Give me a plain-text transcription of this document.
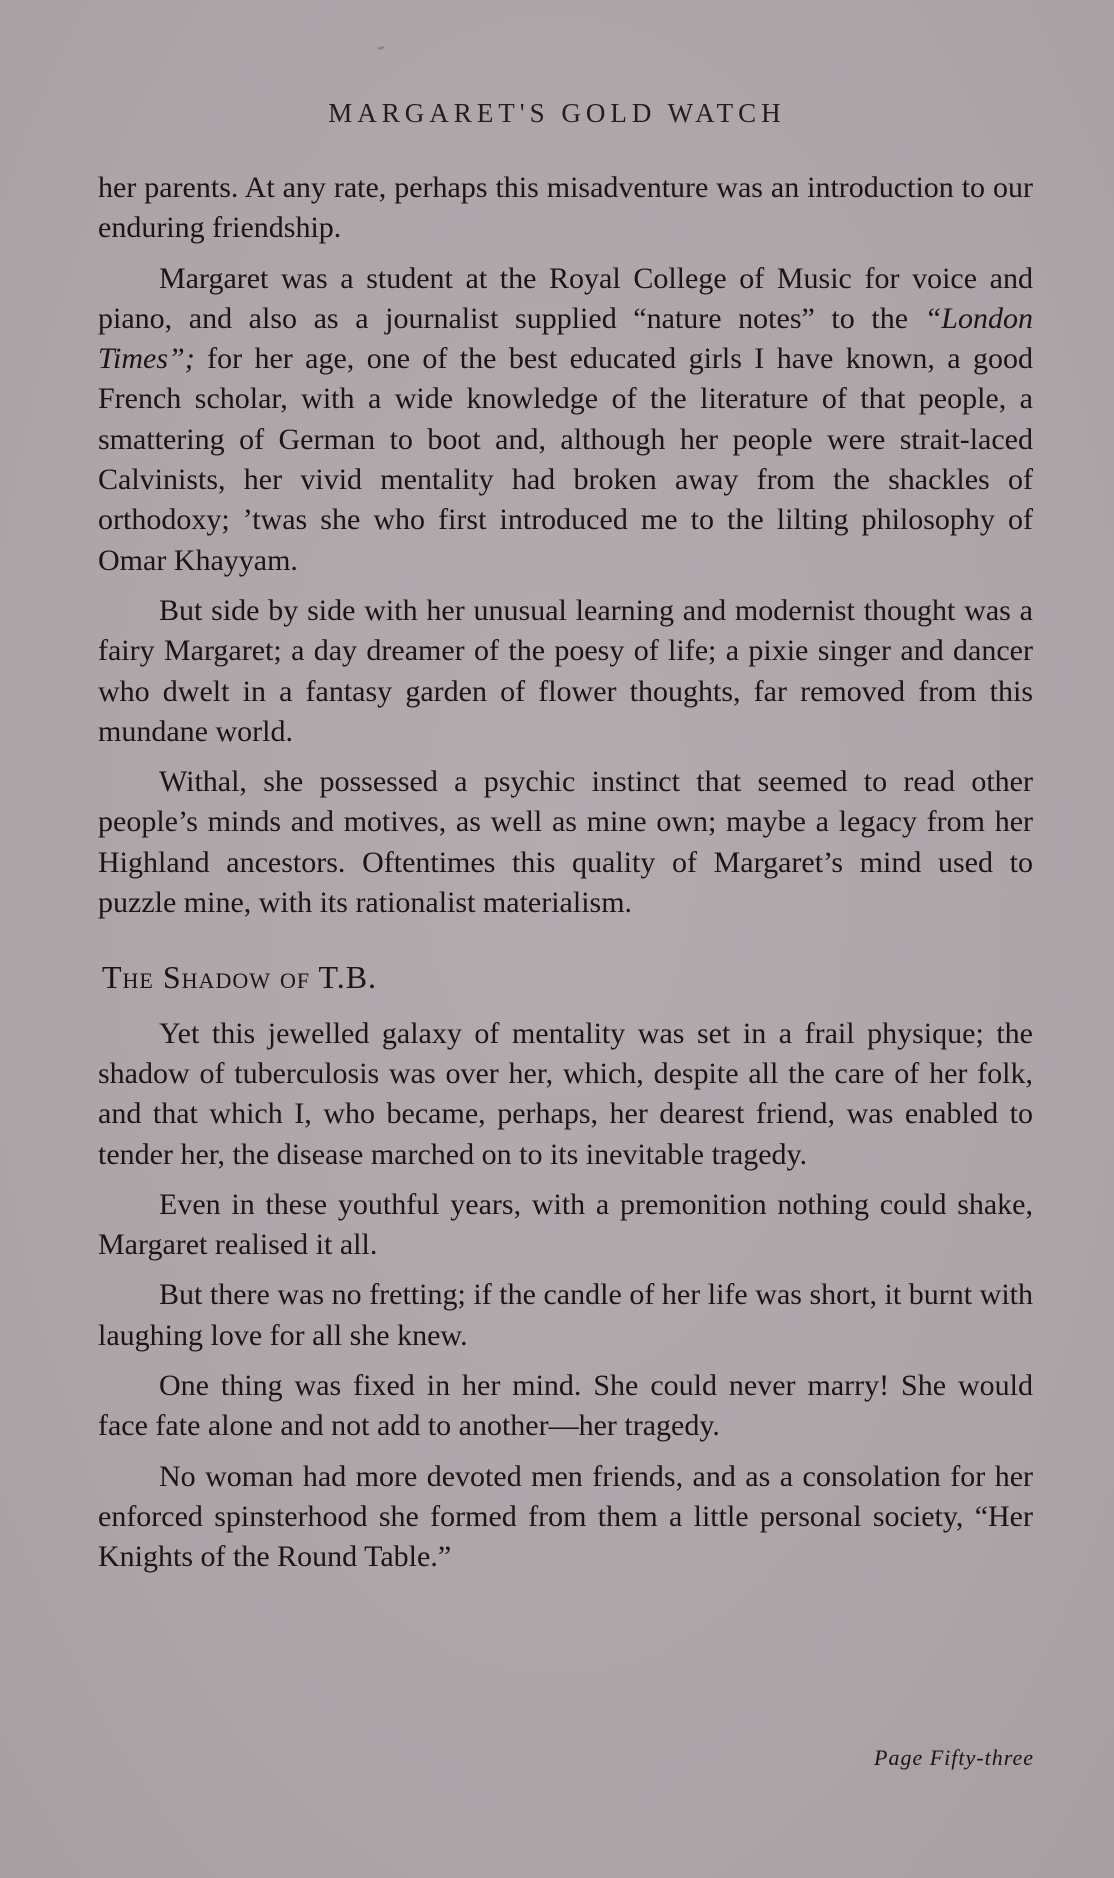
MARGARET'S GOLD WATCH

her parents. At any rate, perhaps this misadventure was an introduction to our enduring friendship.

Margaret was a student at the Royal College of Music for voice and piano, and also as a journalist supplied “nature notes” to the “London Times”; for her age, one of the best educated girls I have known, a good French scholar, with a wide knowledge of the literature of that people, a smattering of German to boot and, although her people were strait-laced Calvinists, her vivid mentality had broken away from the shackles of orthodoxy; ’twas she who first introduced me to the lilting philosophy of Omar Khayyam.

But side by side with her unusual learning and modernist thought was a fairy Margaret; a day dreamer of the poesy of life; a pixie singer and dancer who dwelt in a fantasy garden of flower thoughts, far removed from this mundane world.

Withal, she possessed a psychic instinct that seemed to read other people’s minds and motives, as well as mine own; maybe a legacy from her Highland ancestors. Oftentimes this quality of Margaret’s mind used to puzzle mine, with its rationalist materialism.

The Shadow of T.B.

Yet this jewelled galaxy of mentality was set in a frail physique; the shadow of tuberculosis was over her, which, despite all the care of her folk, and that which I, who became, perhaps, her dearest friend, was enabled to tender her, the disease marched on to its inevitable tragedy.

Even in these youthful years, with a premonition nothing could shake, Margaret realised it all.

But there was no fretting; if the candle of her life was short, it burnt with laughing love for all she knew.

One thing was fixed in her mind. She could never marry! She would face fate alone and not add to another—her tragedy.

No woman had more devoted men friends, and as a consolation for her enforced spinsterhood she formed from them a little personal society, “Her Knights of the Round Table.”

Page Fifty-three
